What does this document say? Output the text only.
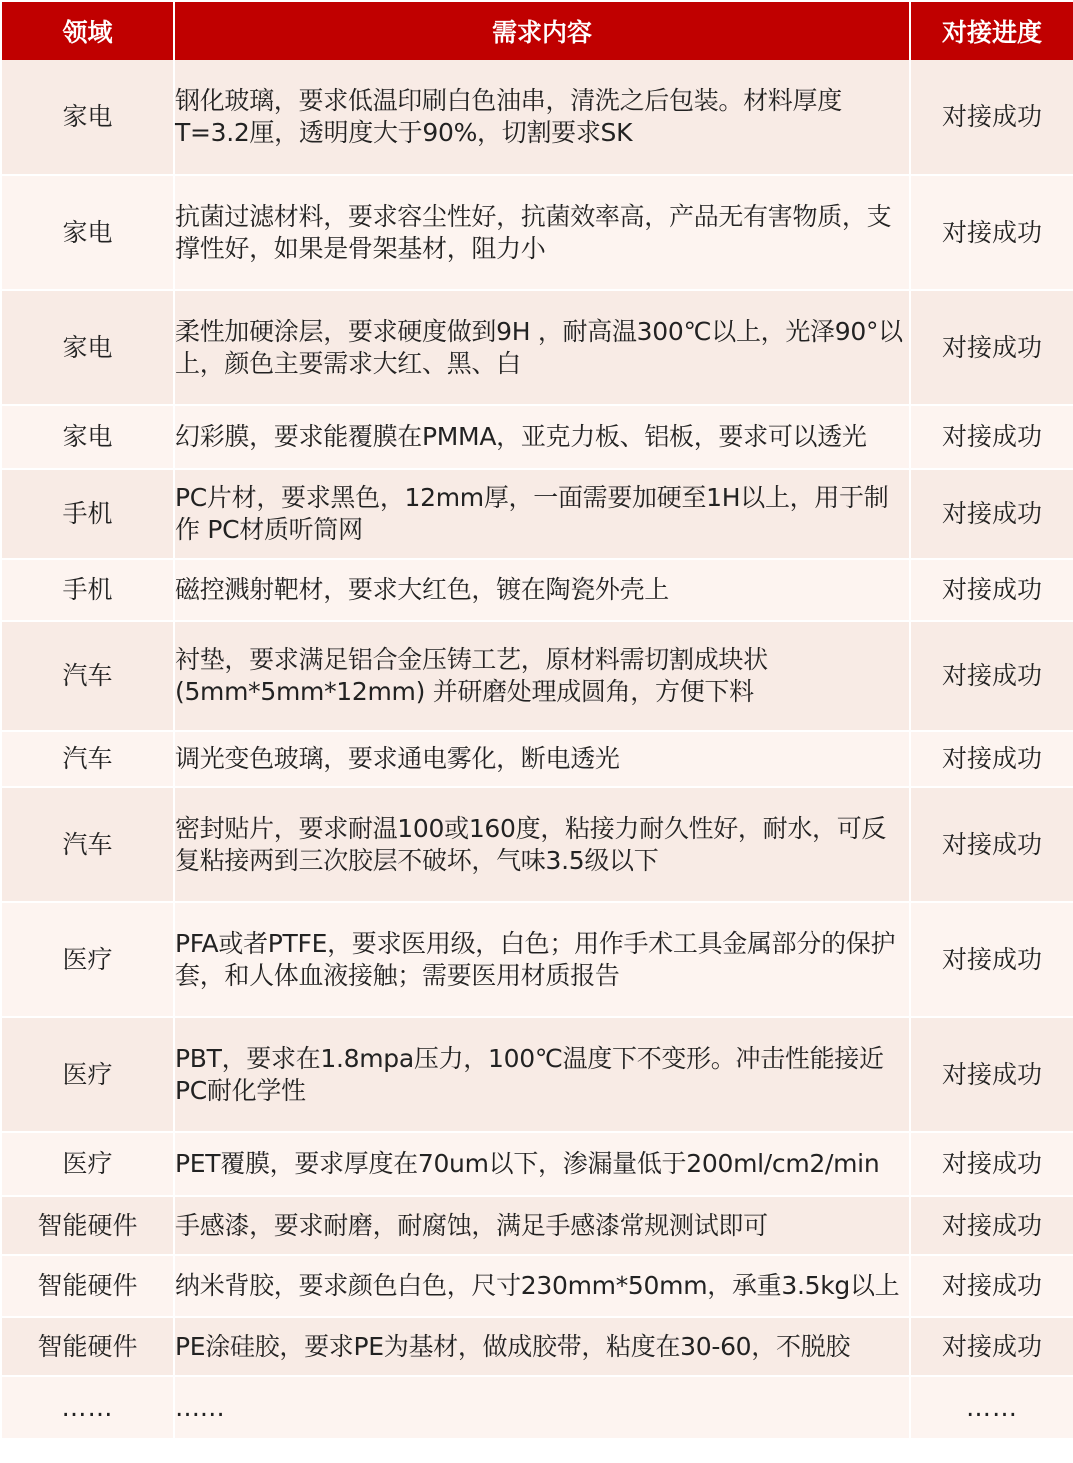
领域	需求内容	对接进度
家电	钢化玻璃，要求低温印刷白色油串，清洗之后包装。材料厚度T=3.2厘，透明度大于90%，切割要求SK	对接成功
家电	抗菌过滤材料，要求容尘性好，抗菌效率高，产品无有害物质，支撑性好，如果是骨架基材，阻力小	对接成功
家电	柔性加硬涂层，要求硬度做到9H ，耐高温300℃以上，光泽90°以上，颜色主要需求大红、黑、白	对接成功
家电	幻彩膜，要求能覆膜在PMMA，亚克力板、铝板，要求可以透光	对接成功
手机	PC片材，要求黑色，12mm厚，一面需要加硬至1H以上，用于制作 PC材质听筒网	对接成功
手机	磁控溅射靶材，要求大红色，镀在陶瓷外壳上	对接成功
汽车	衬垫，要求满足铝合金压铸工艺，原材料需切割成块状(5mm*5mm*12mm) 并研磨处理成圆角，方便下料	对接成功
汽车	调光变色玻璃，要求通电雾化，断电透光	对接成功
汽车	密封贴片，要求耐温100或160度，粘接力耐久性好，耐水，可反复粘接两到三次胶层不破坏，气味3.5级以下	对接成功
医疗	PFA或者PTFE，要求医用级，白色；用作手术工具金属部分的保护套，和人体血液接触；需要医用材质报告	对接成功
医疗	PBT，要求在1.8mpa压力，100℃温度下不变形。冲击性能接近PC耐化学性	对接成功
医疗	PET覆膜，要求厚度在70um以下，渗漏量低于200ml/cm2/min	对接成功
智能硬件	手感漆，要求耐磨，耐腐蚀，满足手感漆常规测试即可	对接成功
智能硬件	纳米背胶，要求颜色白色，尺寸230mm*50mm，承重3.5kg以上	对接成功
智能硬件	PE涂硅胶，要求PE为基材，做成胶带，粘度在30-60，不脱胶	对接成功
……	……	……
